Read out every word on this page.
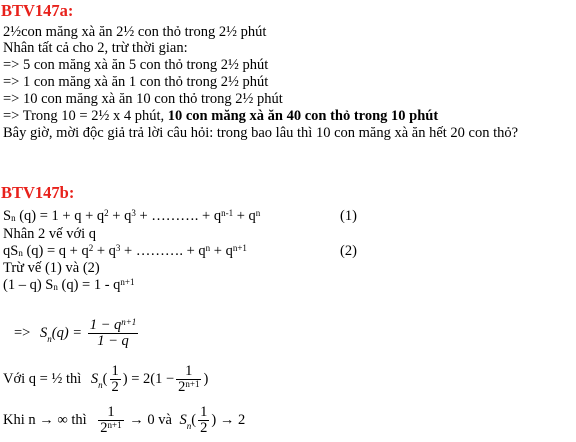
BTV147a:
2½con măng xà ăn 2½ con thỏ trong 2½ phút
Nhân tất cả cho 2, trừ thời gian:
=> 5 con măng xà ăn 5 con thỏ trong 2½ phút
=> 1 con măng xà ăn 1 con thỏ trong 2½ phút
=> 10 con măng xà ăn 10 con thỏ trong 2½ phút
=> Trong 10 = 2½ x 4 phút, 10 con măng xà ăn 40 con thỏ trong 10 phút
Bây giờ, mời độc giả trả lời câu hỏi: trong bao lâu thì 10 con măng xà ăn hết 20 con thỏ?
BTV147b:
$S_n$ $(q) = 1 + q + q^2 + q^3$ + ………. + $q^{n-1} + q^n$	(1)
Nhân 2 vế với q
$qS_n$ $(q) = q + q^2 + q^3$ + ………. + $q^n + q^{n+1}$	(2)
Trừ vế (1) và (2)
(1 – q) $S_n$ $(q) = 1 - q^{n+1}$
=> $S_n(q) = \frac{1 - q^{n+1}}{1 - q}$
Với q = ½ thì $S_n( \frac{1}{2}$ ) = $2(1 - \frac{1}{2^{n+1}}$ )
Khi n → ∞ thì $\frac{1}{2^{n+1}} \to 0$ và $S_n( \frac{1}{2}$ ) → 2
